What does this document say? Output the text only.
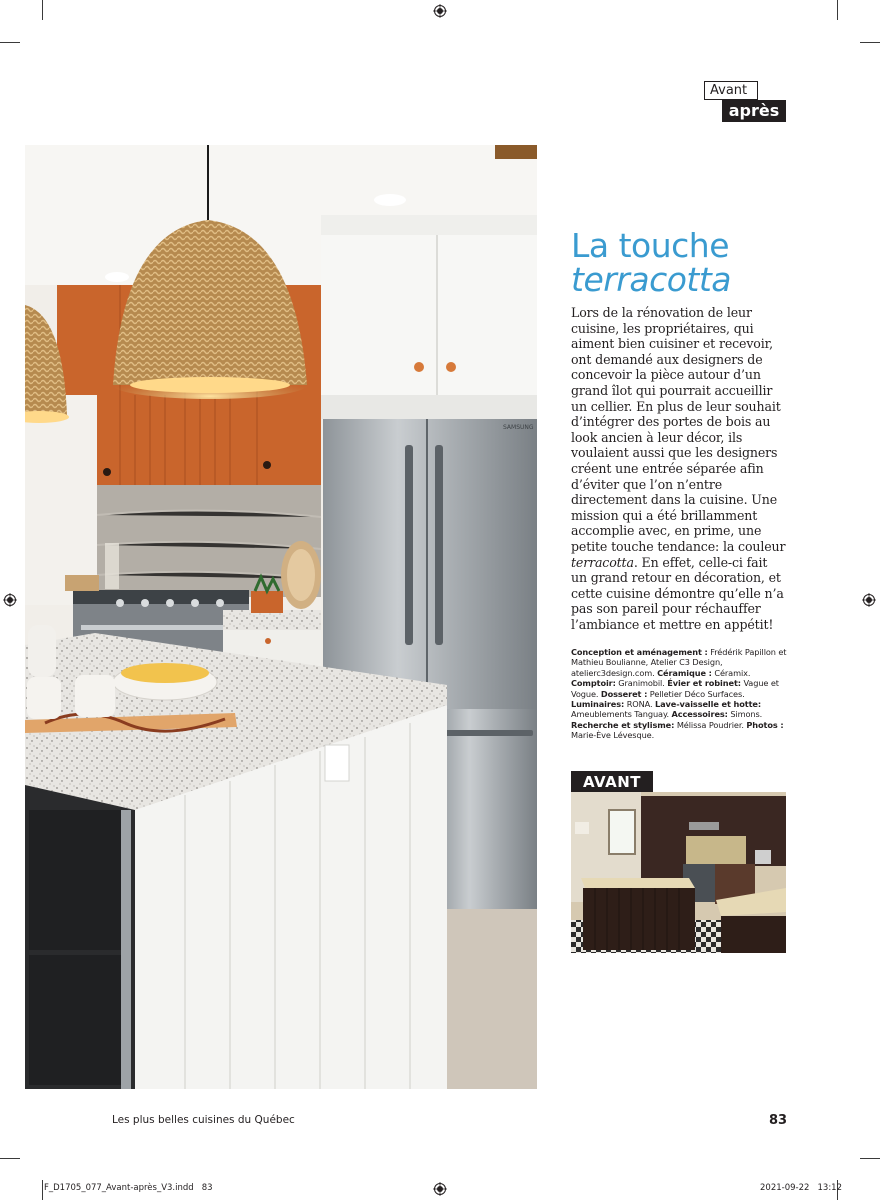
Avant
après
SAMSUNG
La touche
terracotta
Lors de la rénovation de leur cuisine, les propriétaires, qui aiment bien cuisiner et recevoir, ont demandé aux designers de concevoir la pièce autour d’un grand îlot qui pourrait accueillir un cellier. En plus de leur souhait d’intégrer des portes de bois au look ancien à leur décor, ils voulaient aussi que les designers créent une entrée séparée afin d’éviter que l’on n’entre directement dans la cuisine. Une mission qui a été brillamment accomplie avec, en prime, une petite touche tendance: la couleur terracotta. En effet, celle-ci fait un grand retour en décoration, et cette cuisine démontre qu’elle n’a pas son pareil pour réchauffer l’ambiance et mettre en appétit!
Conception et aménagement : Frédérik Papillon et Mathieu Boulianne, Atelier C3 Design, atelierc3design.com. Céramique : Céramix. Comptoir: Granimobil. Évier et robinet: Vague et Vogue. Dosseret : Pelletier Déco Surfaces. Luminaires: RONA. Lave-vaisselle et hotte: Ameublements Tanguay. Accessoires: Simons. Recherche et stylisme: Mélissa Poudrier. Photos : Marie-Ève Lévesque.
AVANT
Les plus belles cuisines du Québec	83
F_D1705_077_Avant-après_V3.indd   83	2021-09-22   13:12
